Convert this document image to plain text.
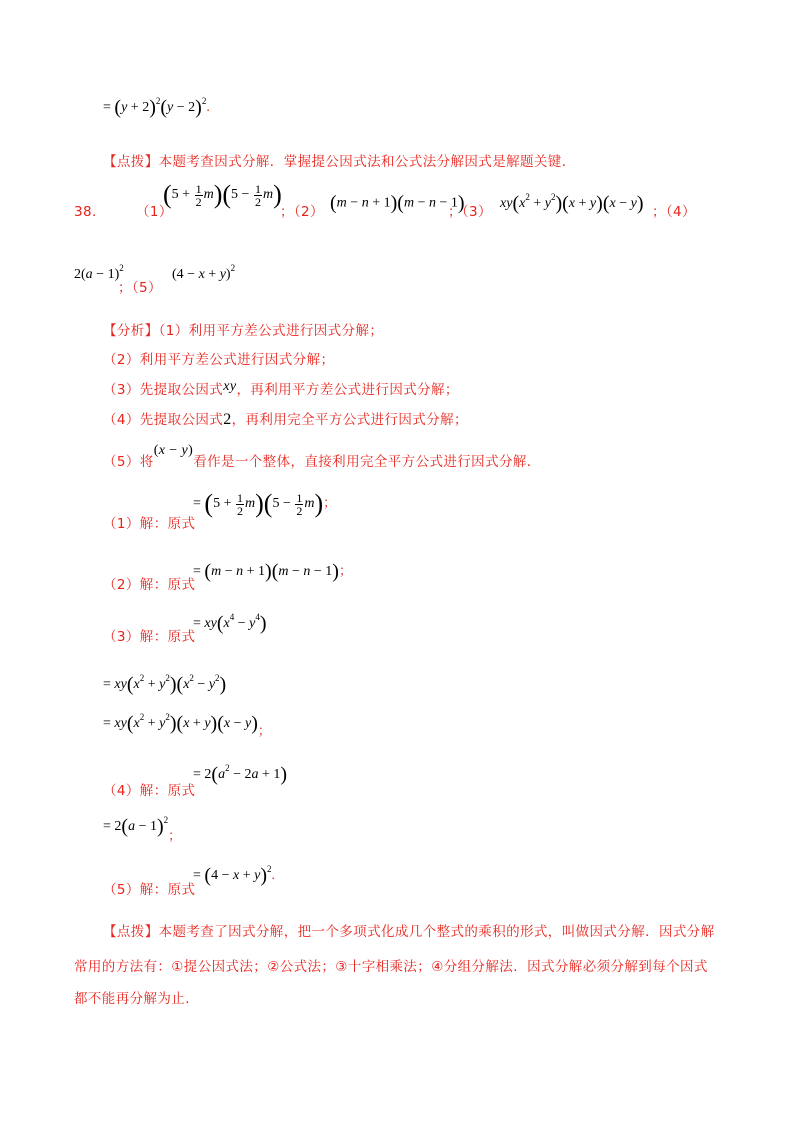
= $(y + 2)^2(y - 2)^2$.
【点拨】本题考查因式分解．掌握提公因式法和公式法分解因式是解题关键．
38． （1）
$(5 + \frac{1}{2} m)(5 - \frac{1}{2} m)$
；（2） (m − n + 1)(m − n − 1)
；（3）
$xy(x^2 + y^2)(x + y)(x - y)$ ；（4）
$2(a - 1)^2$
；（5）
$(4 - x + y)^2$
【分析】（1）利用平方差公式进行因式分解；
（2）利用平方差公式进行因式分解；
（3）先提取公因式xy，再利用平方差公式进行因式分解；
（4）先提取公因式2，再利用完全平方公式进行因式分解；
（5）将(x − y)看作是一个整体，直接利用完全平方公式进行因式分解．
（1）解：原式
= $(5 + \frac{1}{2} m)(5 - \frac{1}{2} m)$；
（2）解：原式
= (m − n + 1)(m − n − 1)；
（3）解：原式
= $xy(x^4 - y^4)$
= $xy(x^2 + y^2)(x^2 - y^2)$
= $xy(x^2 + y^2)(x + y)(x - y)$；
（4）解：原式
= $2(a^2 - 2a + 1)$
= $2(a - 1)^2$；
（5）解：原式
= $(4 - x + y)^2$.
【点拨】本题考查了因式分解，把一个多项式化成几个整式的乘积的形式，叫做因式分解．因式分解
常用的方法有：①提公因式法；②公式法；③十字相乘法；④分组分解法．因式分解必须分解到每个因式
都不能再分解为止．
